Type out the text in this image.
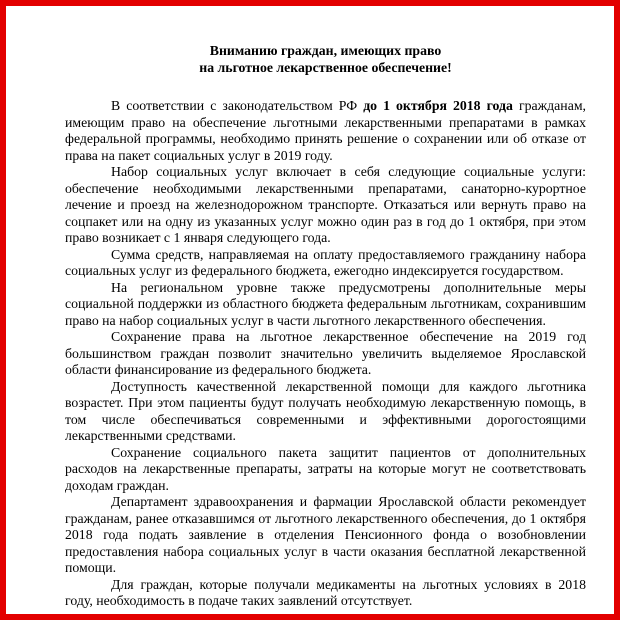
Вниманию граждан, имеющих право
на льготное лекарственное обеспечение!

В соответствии с законодательством РФ до 1 октября 2018 года гражданам, имеющим право на обеспечение льготными лекарственными препаратами в рамках федеральной программы, необходимо принять решение о сохранении или об отказе от права на пакет социальных услуг в 2019 году.

Набор социальных услуг включает в себя следующие социальные услуги: обеспечение необходимыми лекарственными препаратами, санаторно-курортное лечение и проезд на железнодорожном транспорте. Отказаться или вернуть право на соцпакет или на одну из указанных услуг можно один раз в год до 1 октября, при этом право возникает с 1 января следующего года.

Сумма средств, направляемая на оплату предоставляемого гражданину набора социальных услуг из федерального бюджета, ежегодно индексируется государством.

На региональном уровне также предусмотрены дополнительные меры социальной поддержки из областного бюджета федеральным льготникам, сохранившим право на набор социальных услуг в части льготного лекарственного обеспечения.

Сохранение права на льготное лекарственное обеспечение на 2019 год большинством граждан позволит значительно увеличить выделяемое Ярославской области финансирование из федерального бюджета.

Доступность качественной лекарственной помощи для каждого льготника возрастет. При этом пациенты будут получать необходимую лекарственную помощь, в том числе обеспечиваться современными и эффективными дорогостоящими лекарственными средствами.

Сохранение социального пакета защитит пациентов от дополнительных расходов на лекарственные препараты, затраты на которые могут не соответствовать доходам граждан.

Департамент здравоохранения и фармации Ярославской области рекомендует гражданам, ранее отказавшимся от льготного лекарственного обеспечения, до 1 октября 2018 года подать заявление в отделения Пенсионного фонда о возобновлении предоставления набора социальных услуг в части оказания бесплатной лекарственной помощи.

Для граждан, которые получали медикаменты на льготных условиях в 2018 году, необходимость в подаче таких заявлений отсутствует.
